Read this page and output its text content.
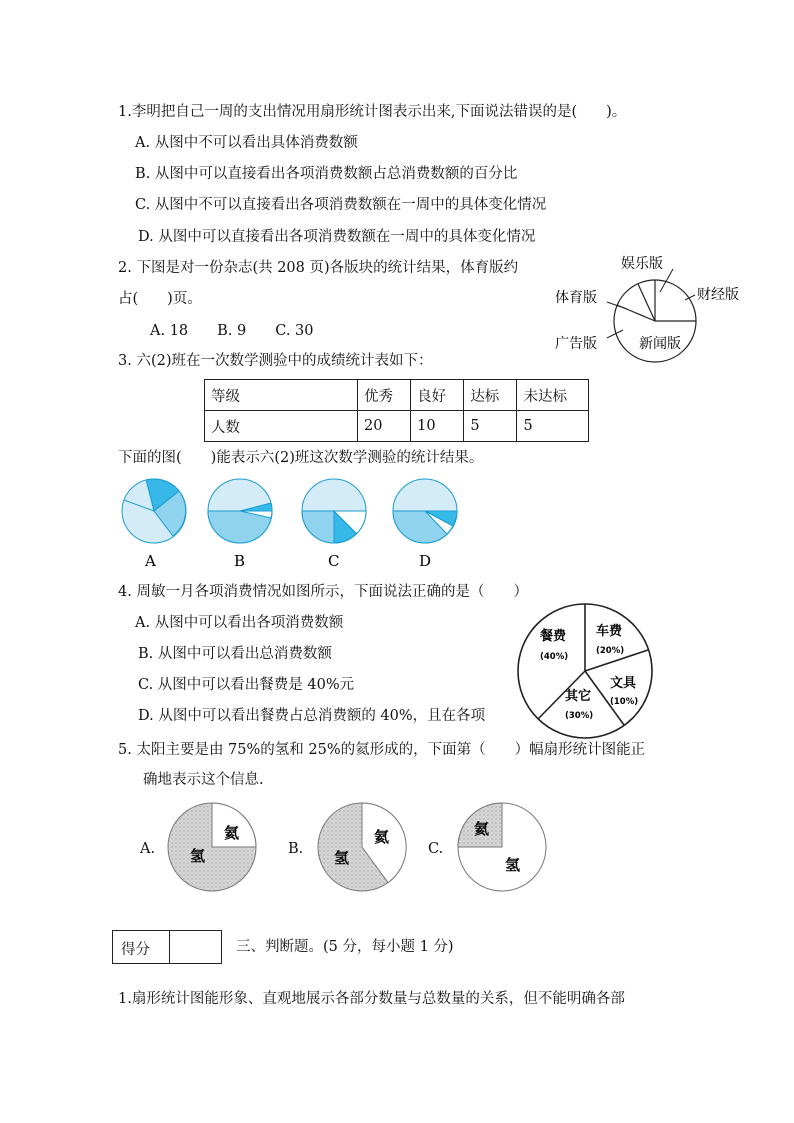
1.李明把自己一周的支出情况用扇形统计图表示出来,下面说法错误的是(　　)。
A. 从图中不可以看出具体消费数额
B. 从图中可以直接看出各项消费数额占总消费数额的百分比
C. 从图中不可以直接看出各项消费数额在一周中的具体变化情况
D. 从图中可以直接看出各项消费数额在一周中的具体变化情况
2. 下图是对一份杂志(共 208 页)各版块的统计结果，体育版约
占(　　)页。
A. 18　　B. 9　　C. 30
娱乐版
财经版
体育版
广告版	新闻版
3. 六(2)班在一次数学测验中的成绩统计表如下：
等级	优秀	良好	达标	未达标
人数	20	10	5	5
下面的图(　　)能表示六(2)班这次数学测验的统计结果。
A	B	C	D
4. 周敏一月各项消费情况如图所示，下面说法正确的是（　　）
A. 从图中可以看出各项消费数额
B. 从图中可以看出总消费数额
C. 从图中可以看出餐费是 40%元
D. 从图中可以看出餐费占总消费额的 40%，且在各项
餐费
(40%)
车费
(20%)
文具
(10%)
其它
(30%)
5. 太阳主要是由 75%的氢和 25%的氦形成的，下面第（　　）幅扇形统计图能正
确地表示这个信息.
氦
氢
氦
氢
氦
氢
A.	B.	C.
得分	三、判断题。(5 分，每小题 1 分)
1.扇形统计图能形象、直观地展示各部分数量与总数量的关系，但不能明确各部
